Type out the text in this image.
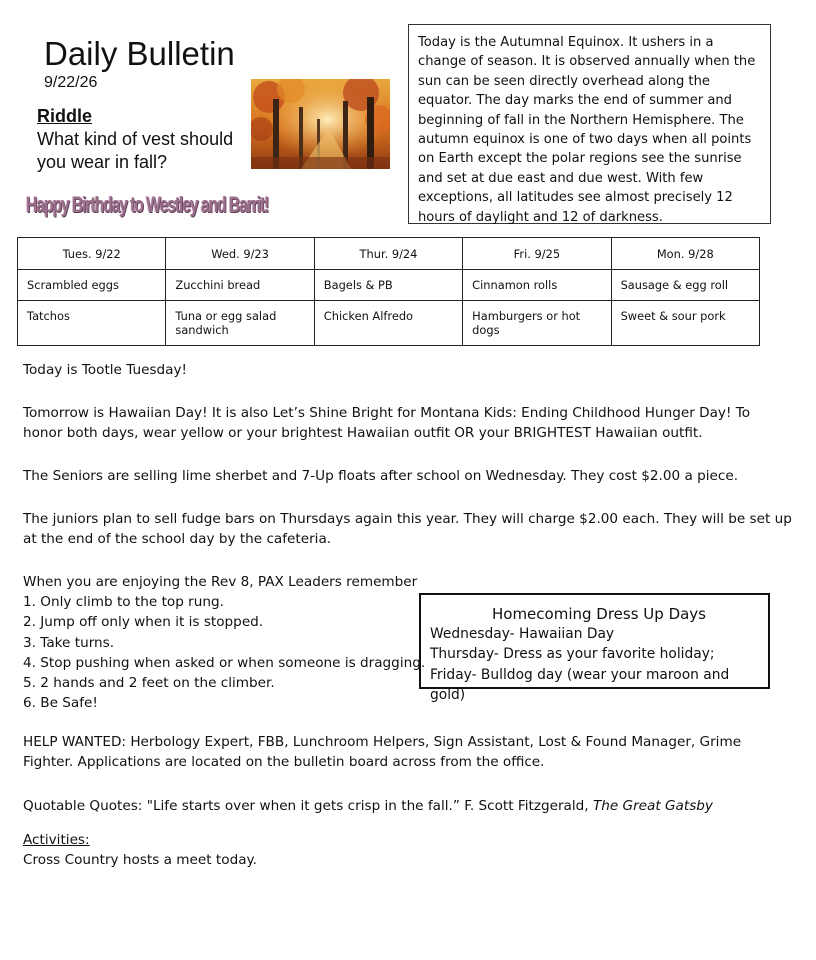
Daily Bulletin
9/22/26
Riddle
What kind of vest should you wear in fall?
Happy Birthday to Westley and Barrit!
Today is the Autumnal Equinox. It ushers in a change of season. It is observed annually when the sun can be seen directly overhead along the equator. The day marks the end of summer and beginning of fall in the Northern Hemisphere. The autumn equinox is one of two days when all points on Earth except the polar regions see the sunrise and set at due east and due west. With few exceptions, all latitudes see almost precisely 12 hours of daylight and 12 of darkness.
Tues. 9/22	Wed. 9/23	Thur. 9/24	Fri. 9/25	Mon. 9/28
Scrambled eggs	Zucchini bread	Bagels & PB	Cinnamon rolls	Sausage & egg roll
Tatchos	Tuna or egg salad sandwich	Chicken Alfredo	Hamburgers or hot dogs	Sweet & sour pork

Today is Tootle Tuesday!

Tomorrow is Hawaiian Day! It is also Let’s Shine Bright for Montana Kids: Ending Childhood Hunger Day! To honor both days, wear yellow or your brightest Hawaiian outfit OR your BRIGHTEST Hawaiian outfit.

The Seniors are selling lime sherbet and 7-Up floats after school on Wednesday. They cost $2.00 a piece.

The juniors plan to sell fudge bars on Thursdays again this year. They will charge $2.00 each. They will be set up at the end of the school day by the cafeteria.

When you are enjoying the Rev 8, PAX Leaders remember
1. Only climb to the top rung.
2. Jump off only when it is stopped.
3. Take turns.
4. Stop pushing when asked or when someone is dragging.
5. 2 hands and 2 feet on the climber.
6. Be Safe!
Homecoming Dress Up Days
Wednesday- Hawaiian Day
Thursday- Dress as your favorite holiday;
Friday- Bulldog day (wear your maroon and gold)

HELP WANTED: Herbology Expert, FBB, Lunchroom Helpers, Sign Assistant, Lost & Found Manager, Grime Fighter. Applications are located on the bulletin board across from the office.

Quotable Quotes: "Life starts over when it gets crisp in the fall.” F. Scott Fitzgerald, The Great Gatsby

Activities:
Cross Country hosts a meet today.
